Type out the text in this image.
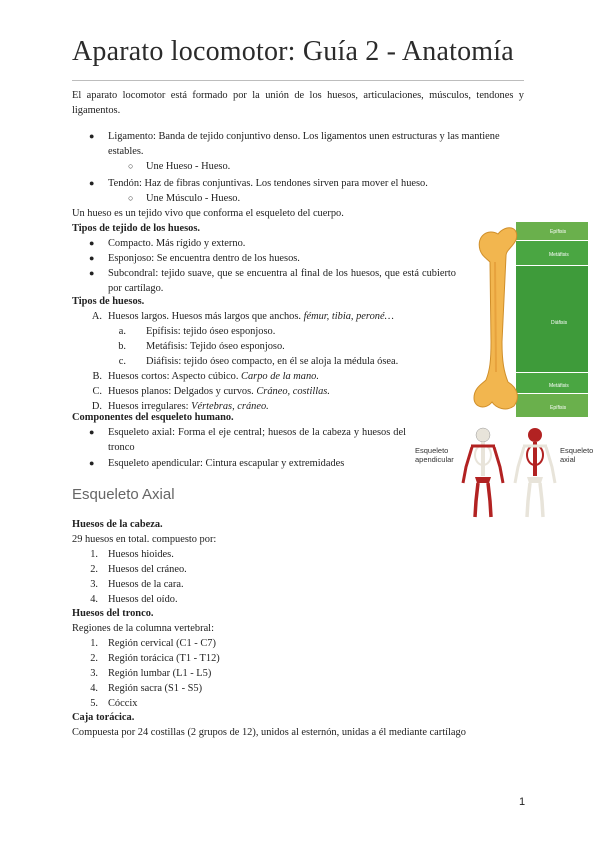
Aparato locomotor: Guía 2 - Anatomía
El aparato locomotor está formado por la unión de los huesos, articulaciones, músculos, tendones y ligamentos.
● Ligamento: Banda de tejido conjuntivo denso. Los ligamentos unen estructuras y las mantiene estables.
○ Une Hueso - Hueso.
● Tendón: Haz de fibras conjuntivas. Los tendones sirven para mover el hueso.
○ Une Músculo - Hueso.
Un hueso es un tejido vivo que conforma el esqueleto del cuerpo.
Tipos de tejido de los huesos.
● Compacto. Más rígido y externo.
● Esponjoso: Se encuentra dentro de los huesos.
● Subcondral: tejido suave, que se encuentra al final de los huesos, que está cubierto por cartílago.
Tipos de huesos.
A. Huesos largos. Huesos más largos que anchos. fémur, tibia, peroné…
a. Epífisis: tejido óseo esponjoso.
b. Metáfisis: Tejido óseo esponjoso.
c. Diáfisis: tejido óseo compacto, en él se aloja la médula ósea.
B. Huesos cortos: Aspecto cúbico. Carpo de la mano.
C. Huesos planos: Delgados y curvos. Cráneo, costillas.
D. Huesos irregulares: Vértebras, cráneo.
Componentes del esqueleto humano.
● Esqueleto axial: Forma el eje central; huesos de la cabeza y huesos del tronco
● Esqueleto apendicular: Cintura escapular y extremidades
Epífisis
Metáfisis
Diáfisis
Metáfisis
Epífisis
Esqueleto apendicular
Esqueleto axial
Esqueleto Axial
Huesos de la cabeza.
29 huesos en total. compuesto por:
1. Huesos hioides.
2. Huesos del cráneo.
3. Huesos de la cara.
4. Huesos del oído.
Huesos del tronco.
Regiones de la columna vertebral:
1. Región cervical (C1 - C7)
2. Región torácica (T1 - T12)
3. Región lumbar (L1 - L5)
4. Región sacra (S1 - S5)
5. Cóccix
Caja torácica.
Compuesta por 24 costillas (2 grupos de 12), unidos al esternón, unidas a él mediante cartílago
1
